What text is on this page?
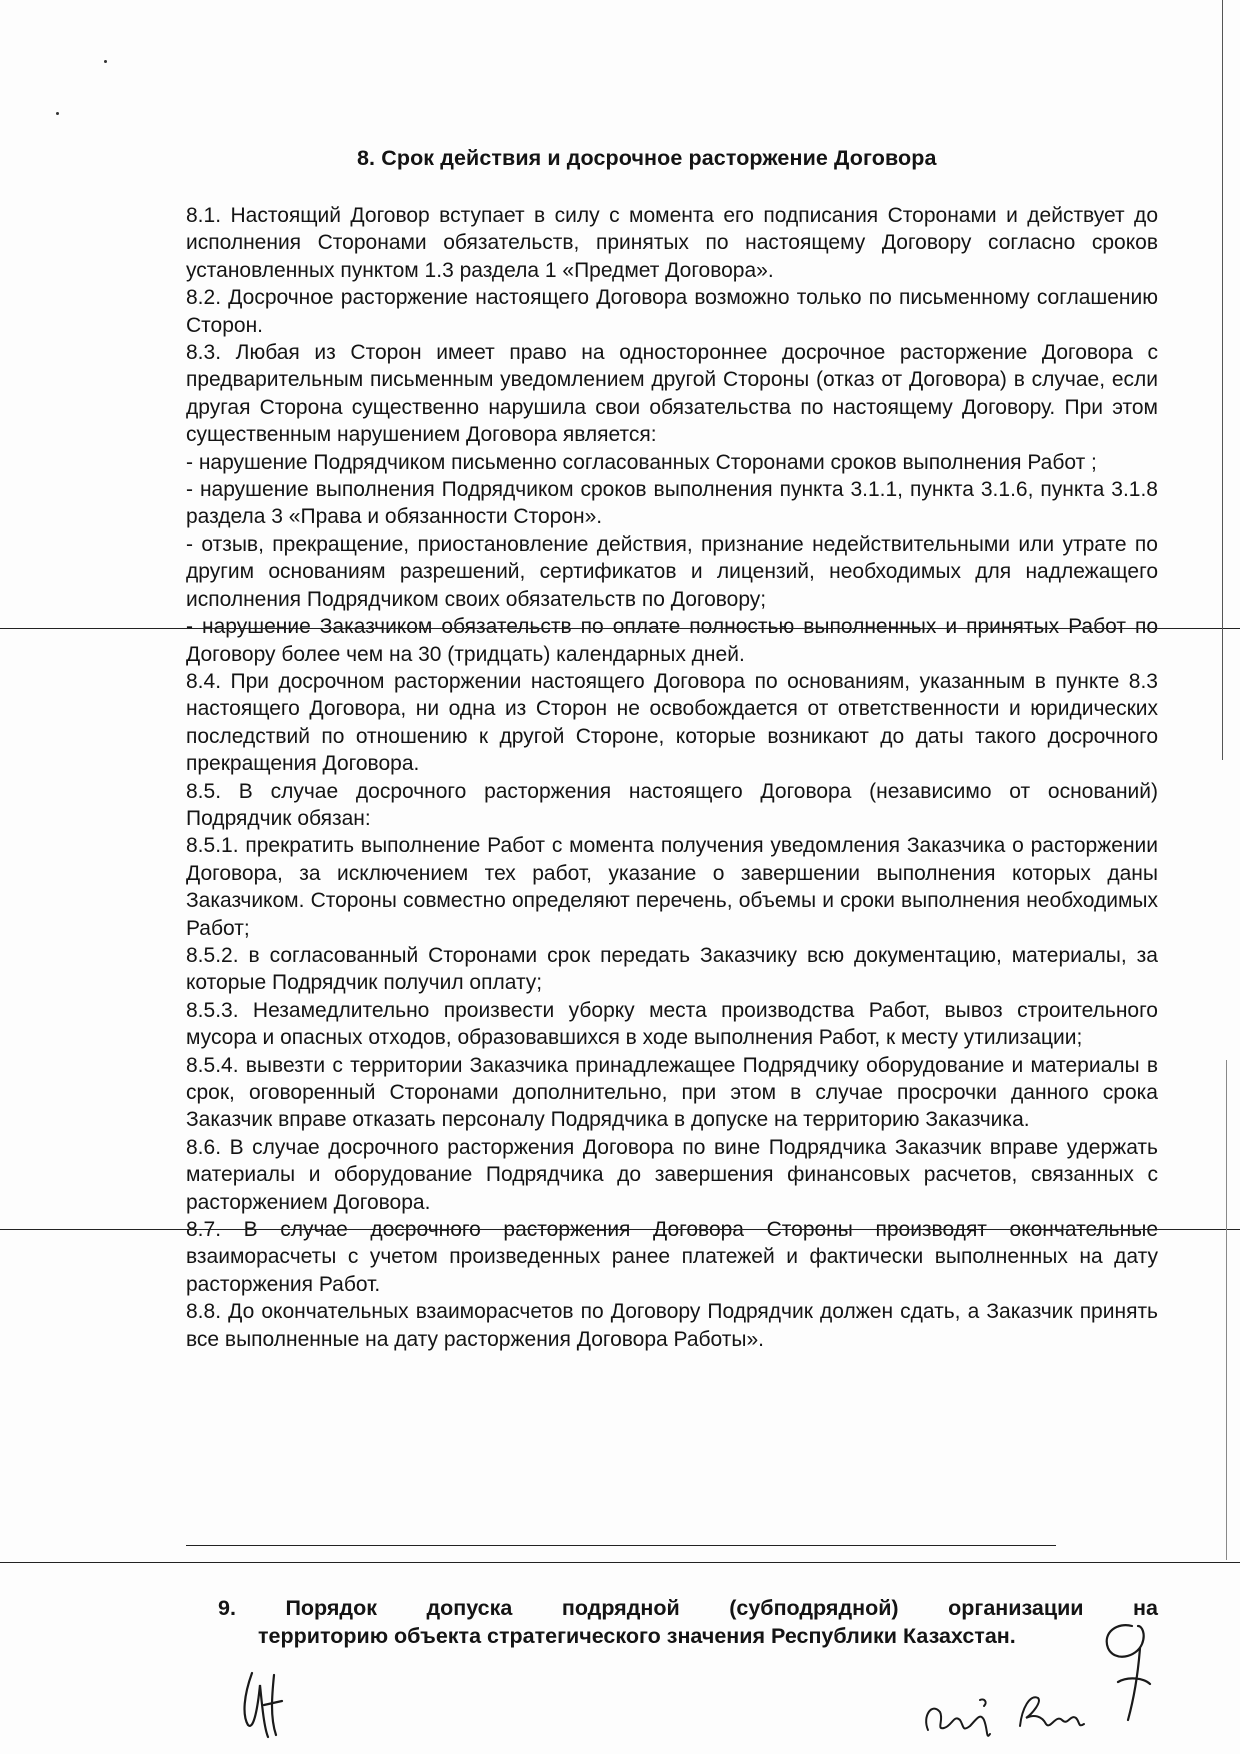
8. Срок действия и досрочное расторжение Договора

8.1. Настоящий Договор вступает в силу с момента его подписания Сторонами и действует до исполнения Сторонами обязательств, принятых по настоящему Договору согласно сроков установленных пунктом 1.3 раздела 1 «Предмет Договора».

8.2. Досрочное расторжение настоящего Договора возможно только по письменному соглашению Сторон.

8.3. Любая из Сторон имеет право на одностороннее досрочное расторжение Договора с предварительным письменным уведомлением другой Стороны (отказ от Договора) в случае, если другая Сторона существенно нарушила свои обязательства по настоящему Договору. При этом существенным нарушением Договора является:

- нарушение Подрядчиком письменно согласованных Сторонами сроков выполнения Работ ;

- нарушение выполнения Подрядчиком сроков выполнения пункта 3.1.1, пункта 3.1.6, пункта 3.1.8 раздела 3 «Права и обязанности Сторон».

- отзыв, прекращение, приостановление действия, признание недействительными или утрате по другим основаниям разрешений, сертификатов и лицензий, необходимых для надлежащего исполнения Подрядчиком своих обязательств по Договору;

- нарушение Заказчиком обязательств по оплате полностью выполненных и принятых Работ по Договору более чем на 30 (тридцать) календарных дней.

8.4. При досрочном расторжении настоящего Договора по основаниям, указанным в пункте 8.3 настоящего Договора, ни одна из Сторон не освобождается от ответственности и юридических последствий по отношению к другой Стороне, которые возникают до даты такого досрочного прекращения Договора.

8.5. В случае досрочного расторжения настоящего Договора (независимо от оснований) Подрядчик обязан:

8.5.1. прекратить выполнение Работ с момента получения уведомления Заказчика о расторжении Договора, за исключением тех работ, указание о завершении выполнения которых даны Заказчиком. Стороны совместно определяют перечень, объемы и сроки выполнения необходимых Работ;

8.5.2. в согласованный Сторонами срок передать Заказчику всю документацию, материалы, за которые Подрядчик получил оплату;

8.5.3. Незамедлительно произвести уборку места производства Работ, вывоз строительного мусора и опасных отходов, образовавшихся в ходе выполнения Работ, к месту утилизации;

8.5.4. вывезти с территории Заказчика принадлежащее Подрядчику оборудование и материалы в срок, оговоренный Сторонами дополнительно, при этом в случае просрочки данного срока Заказчик вправе отказать персоналу Подрядчика в допуске на территорию Заказчика.

8.6. В случае досрочного расторжения Договора по вине Подрядчика Заказчик вправе удержать материалы и оборудование Подрядчика до завершения финансовых расчетов, связанных с расторжением Договора.

8.7. В случае досрочного расторжения Договора Стороны производят окончательные взаиморасчеты с учетом произведенных ранее платежей и фактически выполненных на дату расторжения Работ.

8.8. До окончательных взаиморасчетов по Договору Подрядчик должен сдать, а Заказчик принять все выполненные на дату расторжения Договора Работы».

9. Порядок допуска подрядной (субподрядной) организации на
территорию объекта стратегического значения Республики Казахстан.
